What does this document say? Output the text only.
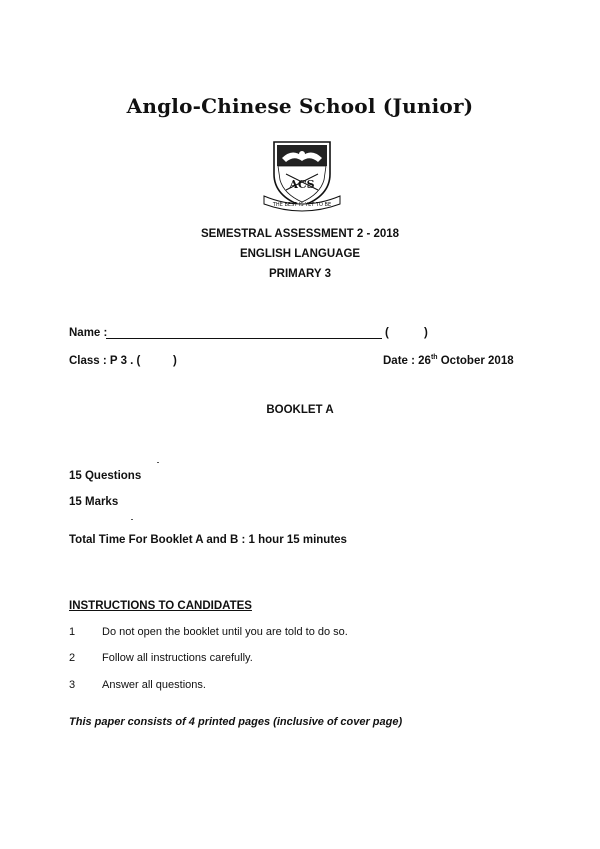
Anglo-Chinese School (Junior)
ACS
THE BEST IS YET TO BE
SEMESTRAL ASSESSMENT 2 - 2018
ENGLISH LANGUAGE
PRIMARY 3
Name :	(	)
Class : P 3 . (	)	Date : 26th October 2018
BOOKLET A
15 Questions
15 Marks
Total Time For Booklet A and B : 1 hour 15 minutes
INSTRUCTIONS TO CANDIDATES
1 Do not open the booklet until you are told to do so.
2 Follow all instructions carefully.
3 Answer all questions.
This paper consists of 4 printed pages (inclusive of cover page)
